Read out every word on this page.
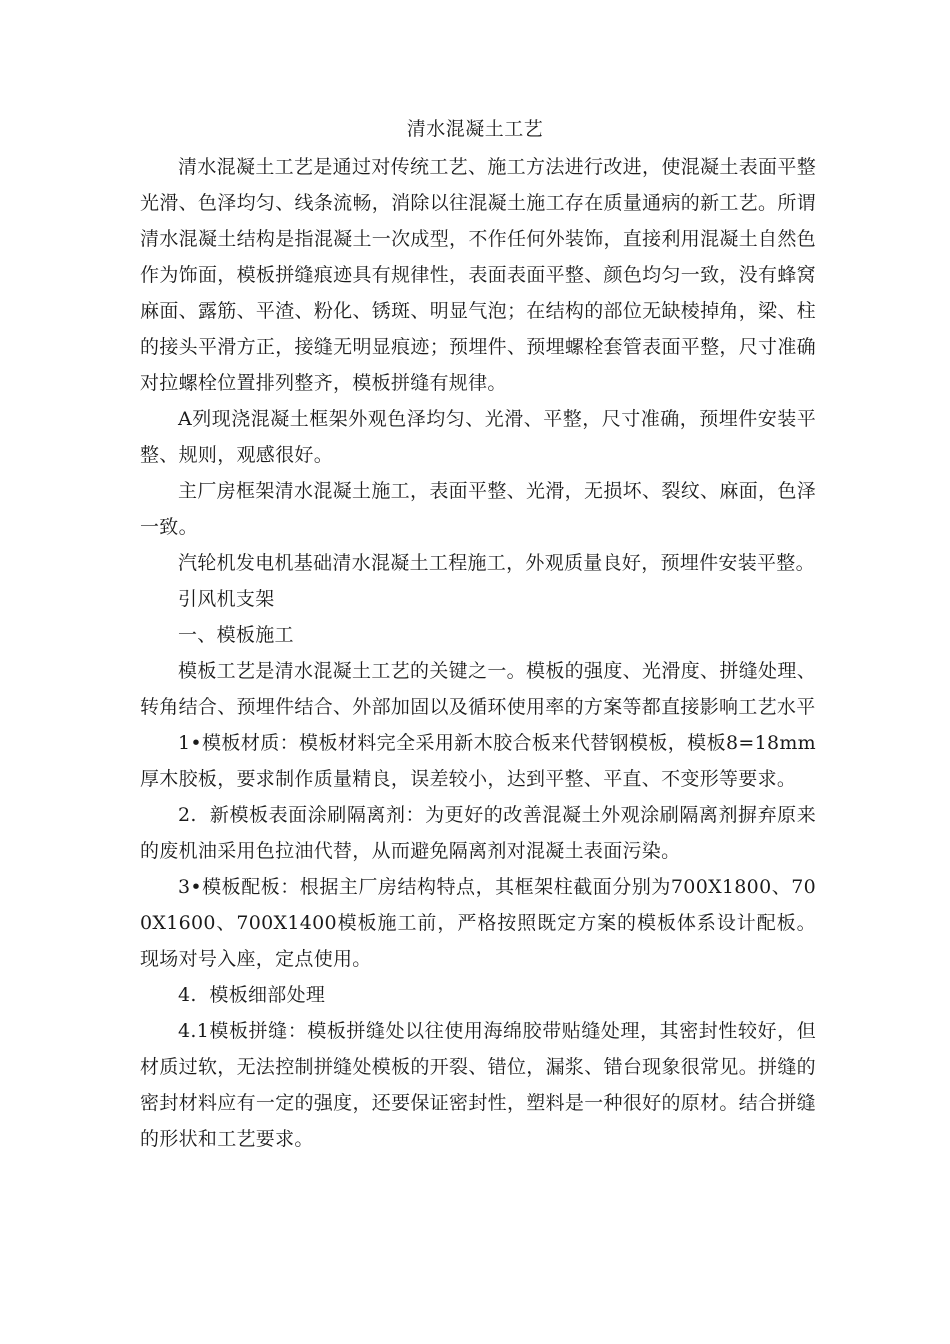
清水混凝土工艺

清水混凝土工艺是通过对传统工艺、施工方法进行改进，使混凝土表面平整光滑、色泽均匀、线条流畅，消除以往混凝土施工存在质量通病的新工艺。所谓清水混凝土结构是指混凝土一次成型，不作任何外装饰，直接利用混凝土自然色作为饰面，模板拼缝痕迹具有规律性，表面表面平整、颜色均匀一致，没有蜂窝麻面、露筋、平渣、粉化、锈斑、明显气泡；在结构的部位无缺棱掉角，梁、柱的接头平滑方正，接缝无明显痕迹；预埋件、预埋螺栓套管表面平整，尺寸准确对拉螺栓位置排列整齐，模板拼缝有规律。

A列现浇混凝土框架外观色泽均匀、光滑、平整，尺寸准确，预埋件安装平整、规则，观感很好。

主厂房框架清水混凝土施工，表面平整、光滑，无损坏、裂纹、麻面，色泽一致。

汽轮机发电机基础清水混凝土工程施工，外观质量良好，预埋件安装平整。

引风机支架

一、模板施工

模板工艺是清水混凝土工艺的关键之一。模板的强度、光滑度、拼缝处理、转角结合、预埋件结合、外部加固以及循环使用率的方案等都直接影响工艺水平

1•模板材质：模板材料完全采用新木胶合板来代替钢模板，模板8=18mm厚木胶板，要求制作质量精良，误差较小，达到平整、平直、不变形等要求。

2.  新模板表面涂刷隔离剂：为更好的改善混凝土外观涂刷隔离剂摒弃原来的废机油采用色拉油代替，从而避免隔离剂对混凝土表面污染。

3•模板配板：根据主厂房结构特点，其框架柱截面分别为700X1800、700X1600、700X1400模板施工前，严格按照既定方案的模板体系设计配板。现场对号入座，定点使用。

4.  模板细部处理

4.1模板拼缝：模板拼缝处以往使用海绵胶带贴缝处理，其密封性较好，但材质过软，无法控制拼缝处模板的开裂、错位，漏浆、错台现象很常见。拼缝的密封材料应有一定的强度，还要保证密封性，塑料是一种很好的原材。结合拼缝的形状和工艺要求。
